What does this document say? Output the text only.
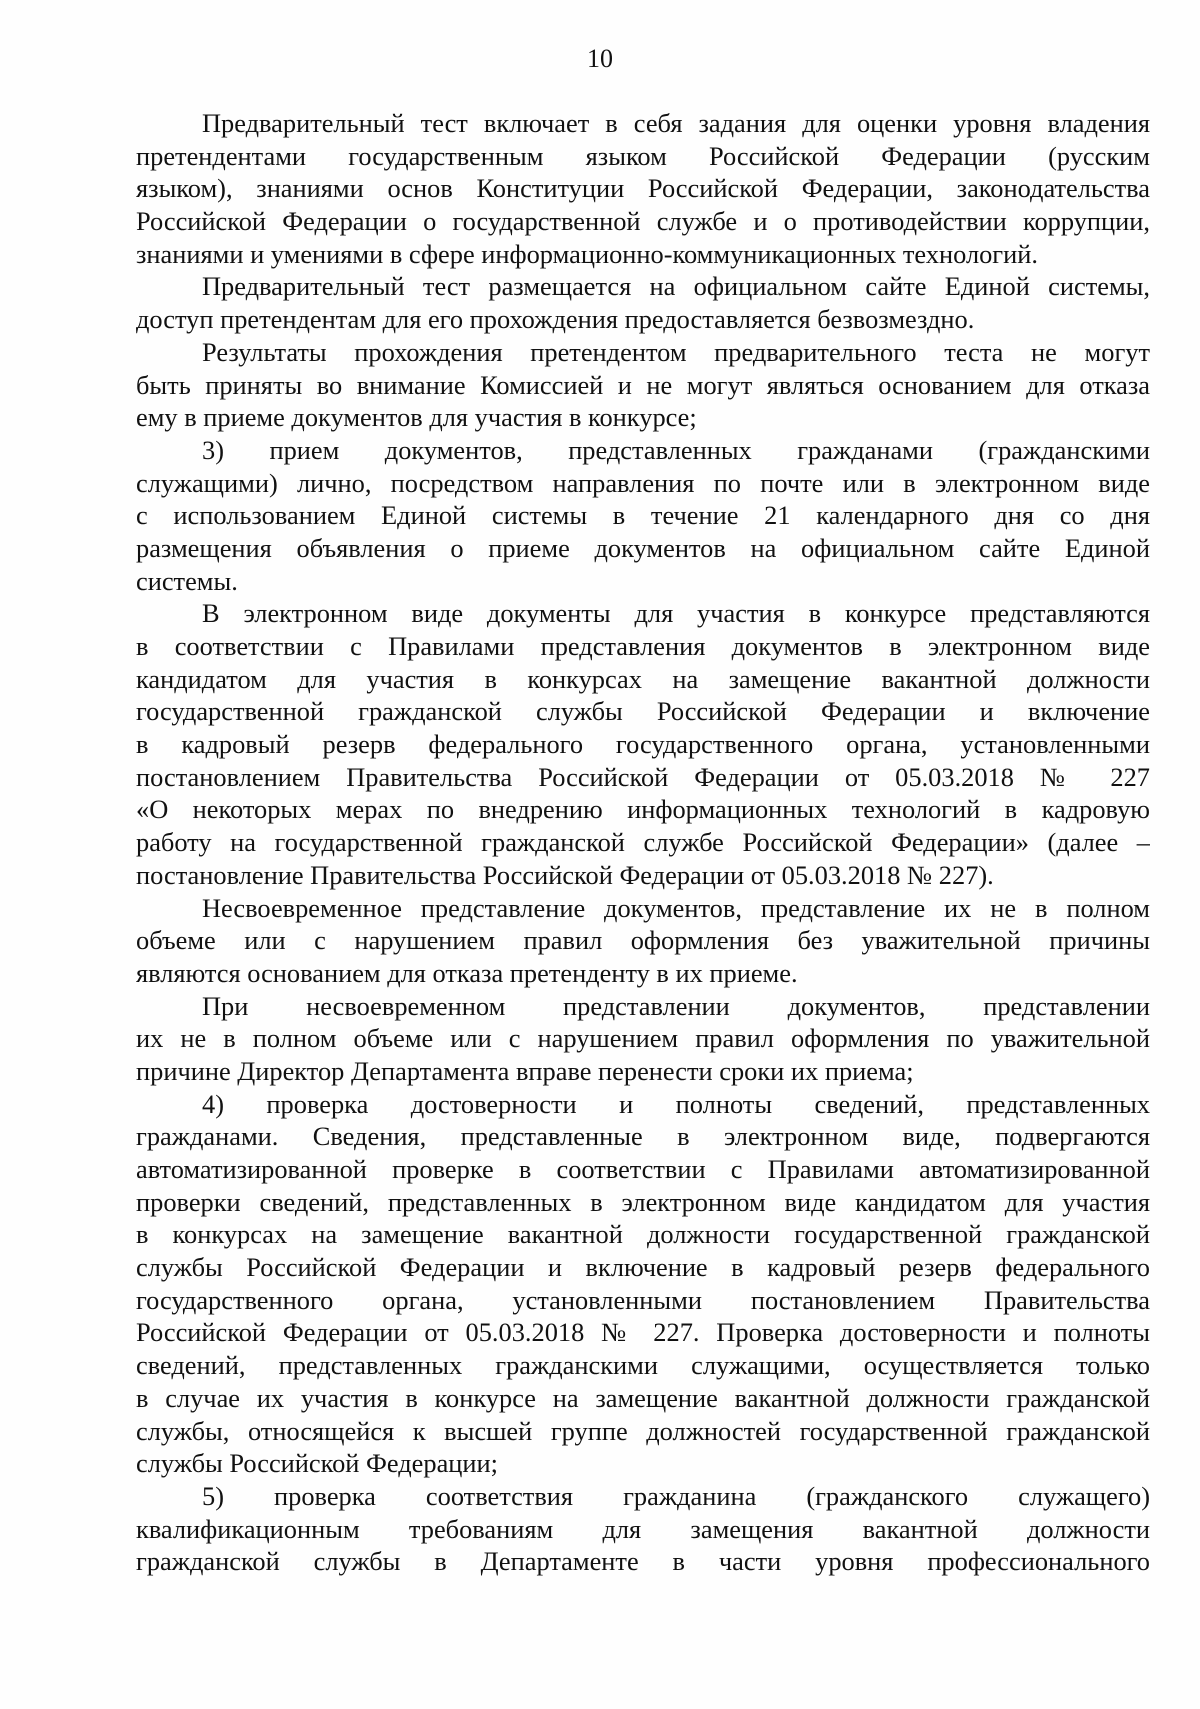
10
Предварительный тест включает в себя задания для оценки уровня владения
претендентами государственным языком Российской Федерации (русским
языком), знаниями основ Конституции Российской Федерации, законодательства
Российской Федерации о государственной службе и о противодействии коррупции,
знаниями и умениями в сфере информационно-коммуникационных технологий.
Предварительный тест размещается на официальном сайте Единой системы,
доступ претендентам для его прохождения предоставляется безвозмездно.
Результаты прохождения претендентом предварительного теста не могут
быть приняты во внимание Комиссией и не могут являться основанием для отказа
ему в приеме документов для участия в конкурсе;
3) прием документов, представленных гражданами (гражданскими
служащими) лично, посредством направления по почте или в электронном виде
с использованием Единой системы в течение 21 календарного дня со дня
размещения объявления о приеме документов на официальном сайте Единой
системы.
В электронном виде документы для участия в конкурсе представляются
в соответствии с Правилами представления документов в электронном виде
кандидатом для участия в конкурсах на замещение вакантной должности
государственной гражданской службы Российской Федерации и включение
в кадровый резерв федерального государственного органа, установленными
постановлением Правительства Российской Федерации от 05.03.2018 № 227
«О некоторых мерах по внедрению информационных технологий в кадровую
работу на государственной гражданской службе Российской Федерации» (далее –
постановление Правительства Российской Федерации от 05.03.2018 № 227).
Несвоевременное представление документов, представление их не в полном
объеме или с нарушением правил оформления без уважительной причины
являются основанием для отказа претенденту в их приеме.
При несвоевременном представлении документов, представлении
их не в полном объеме или с нарушением правил оформления по уважительной
причине Директор Департамента вправе перенести сроки их приема;
4) проверка достоверности и полноты сведений, представленных
гражданами. Сведения, представленные в электронном виде, подвергаются
автоматизированной проверке в соответствии с Правилами автоматизированной
проверки сведений, представленных в электронном виде кандидатом для участия
в конкурсах на замещение вакантной должности государственной гражданской
службы Российской Федерации и включение в кадровый резерв федерального
государственного органа, установленными постановлением Правительства
Российской Федерации от 05.03.2018 № 227. Проверка достоверности и полноты
сведений, представленных гражданскими служащими, осуществляется только
в случае их участия в конкурсе на замещение вакантной должности гражданской
службы, относящейся к высшей группе должностей государственной гражданской
службы Российской Федерации;
5) проверка соответствия гражданина (гражданского служащего)
квалификационным требованиям для замещения вакантной должности
гражданской службы в Департаменте в части уровня профессионального
